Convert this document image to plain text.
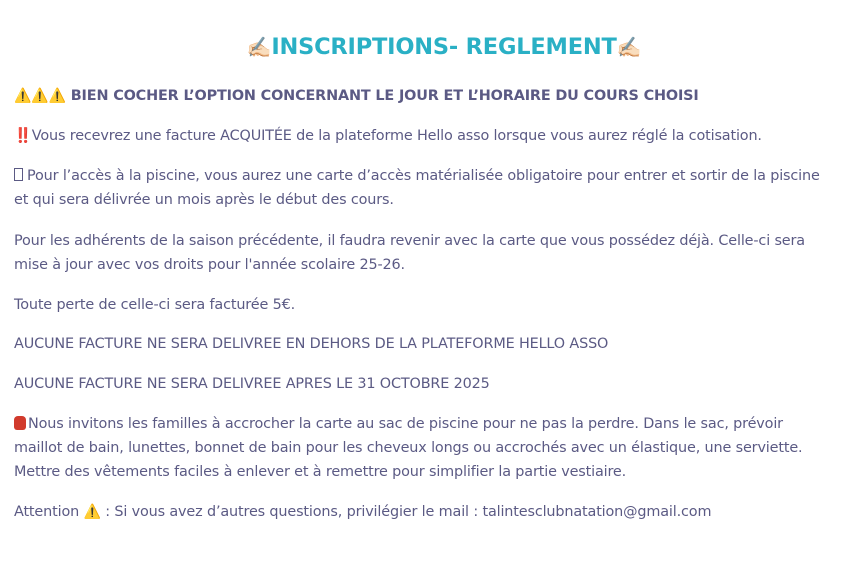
✍🏻INSCRIPTIONS- REGLEMENT✍🏻

⚠️⚠️⚠️ BIEN COCHER L’OPTION CONCERNANT LE JOUR ET L’HORAIRE DU COURS CHOISI

‼️Vous recevrez une facture ACQUITÉE de la plateforme Hello asso lorsque vous aurez réglé la cotisation.

Pour l’accès à la piscine, vous aurez une carte d’accès matérialisée obligatoire pour entrer et sortir de la piscine et qui sera délivrée un mois après le début des cours.

Pour les adhérents de la saison précédente, il faudra revenir avec la carte que vous possédez déjà. Celle-ci sera mise à jour avec vos droits pour l'année scolaire 25-26.

Toute perte de celle-ci sera facturée 5€.

AUCUNE FACTURE NE SERA DELIVREE EN DEHORS DE LA PLATEFORME HELLO ASSO

AUCUNE FACTURE NE SERA DELIVREE APRES LE 31 OCTOBRE 2025

Nous invitons les familles à accrocher la carte au sac de piscine pour ne pas la perdre. Dans le sac, prévoir maillot de bain, lunettes, bonnet de bain pour les cheveux longs ou accrochés avec un élastique, une serviette. Mettre des vêtements faciles à enlever et à remettre pour simplifier la partie vestiaire.

Attention ⚠️ : Si vous avez d’autres questions, privilégier le mail : talintesclubnatation@gmail.com
